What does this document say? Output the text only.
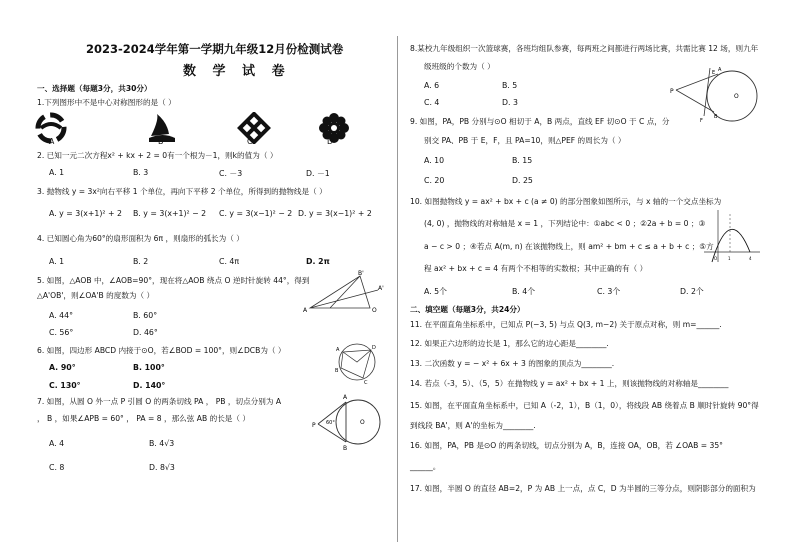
2023-2024学年第一学期九年级12月份检测试卷
数 学 试 卷
一、选择题（每题3分，共30分）
1.下列图形中不是中心对称图形的是（ ）
A	B	C	D
2. 已知一元二次方程x² + kx + 2 = 0有一个根为－1，则k的值为（ ）
A. 1	B. 3	C. －3	D. －1
3. 抛物线 y = 3x²向右平移 1 个单位，再向下平移 2 个单位，所得到的抛物线是（ ）
A. y = 3(x+1)² + 2 B. y = 3(x+1)² − 2 C. y = 3(x−1)² − 2 D. y = 3(x−1)² + 2
4. 已知圆心角为60°的扇形面积为 6π ，则扇形的弧长为（ ）
A. 1	B. 2	C. 4π	D. 2π
5. 如图，△AOB 中，∠AOB=90°，现在将△AOB 绕点 O 逆时针旋转 44°，得到
△A'OB'，则∠OA'B 的度数为（ ）
A	O
B'
A'
A. 44°	B. 60°
C. 56°	D. 46°
6. 如图，四边形 ABCD 内接于⊙O，若∠BOD = 100°，则∠DCB为（ ）	A	D
C
B
A. 90°	B. 100°
C. 130°	D. 140°
7. 如图，从圆 O 外一点 P 引圆 O 的两条切线 PA ， PB ，切点分别为 A
， B ，如果∠APB = 60° ， PA = 8 ，那么弦 AB 的长是（ ）
P
A
B
O
60°
A. 4	B. 4√3
C. 8	D. 8√3
8.某校九年级组织一次篮球赛，各班均组队参赛，每两班之间都进行两场比赛，共需比赛 12 场，则九年
级班级的个数为（ ）
A. 6	B. 5
C. 4	D. 3
P
E
F
O
A
B
9. 如图，PA，PB 分别与⊙O 相切于 A，B 两点，直线 EF 切⊙O 于 C 点，分
别交 PA、PB 于 E，F，且 PA=10，则△PEF 的周长为（ ）
A. 10	B. 15
C. 20	D. 25
10. 如图抛物线 y = ax² + bx + c (a ≠ 0) 的部分图象如图所示，与 x 轴的一个交点坐标为
(4, 0) ，抛物线的对称轴是 x = 1 ，下列结论中：①abc < 0 ；②2a + b = 0 ；③
a − c > 0 ；④若点 A(m, n) 在该抛物线上，则 am² + bm + c ≤ a + b + c ；⑤方
程 ax² + bx + c = 4 有两个不相等的实数根；其中正确的有（ ）
O	4
1
A. 5个	B. 4个	C. 3个	D. 2个
二、填空题（每题3分，共24分）
11. 在平面直角坐标系中，已知点 P(−3, 5) 与点 Q(3, m−2) 关于原点对称，则 m=______.
12. 如果正六边形的边长是 1，那么它的边心距是________.
13. 二次函数 y = − x² + 6x + 3 的图象的顶点为________.
14. 若点（-3，5）、（5，5）在抛物线 y = ax² + bx + 1 上，则该抛物线的对称轴是________
15. 如图，在平面直角坐标系中，已知 A（-2，1），B（1，0），将线段 AB 绕着点 B 顺时针旋转 90°得
到线段 BA'，则 A'的坐标为________.
16. 如图，PA，PB 是⊙O 的两条切线，切点分别为 A，B，连接 OA，OB，若 ∠OAB = 35°
______。
17. 如图，半圆 O 的直径 AB=2，P 为 AB 上一点，点 C，D 为半圆的三等分点，则阴影部分的面积为
